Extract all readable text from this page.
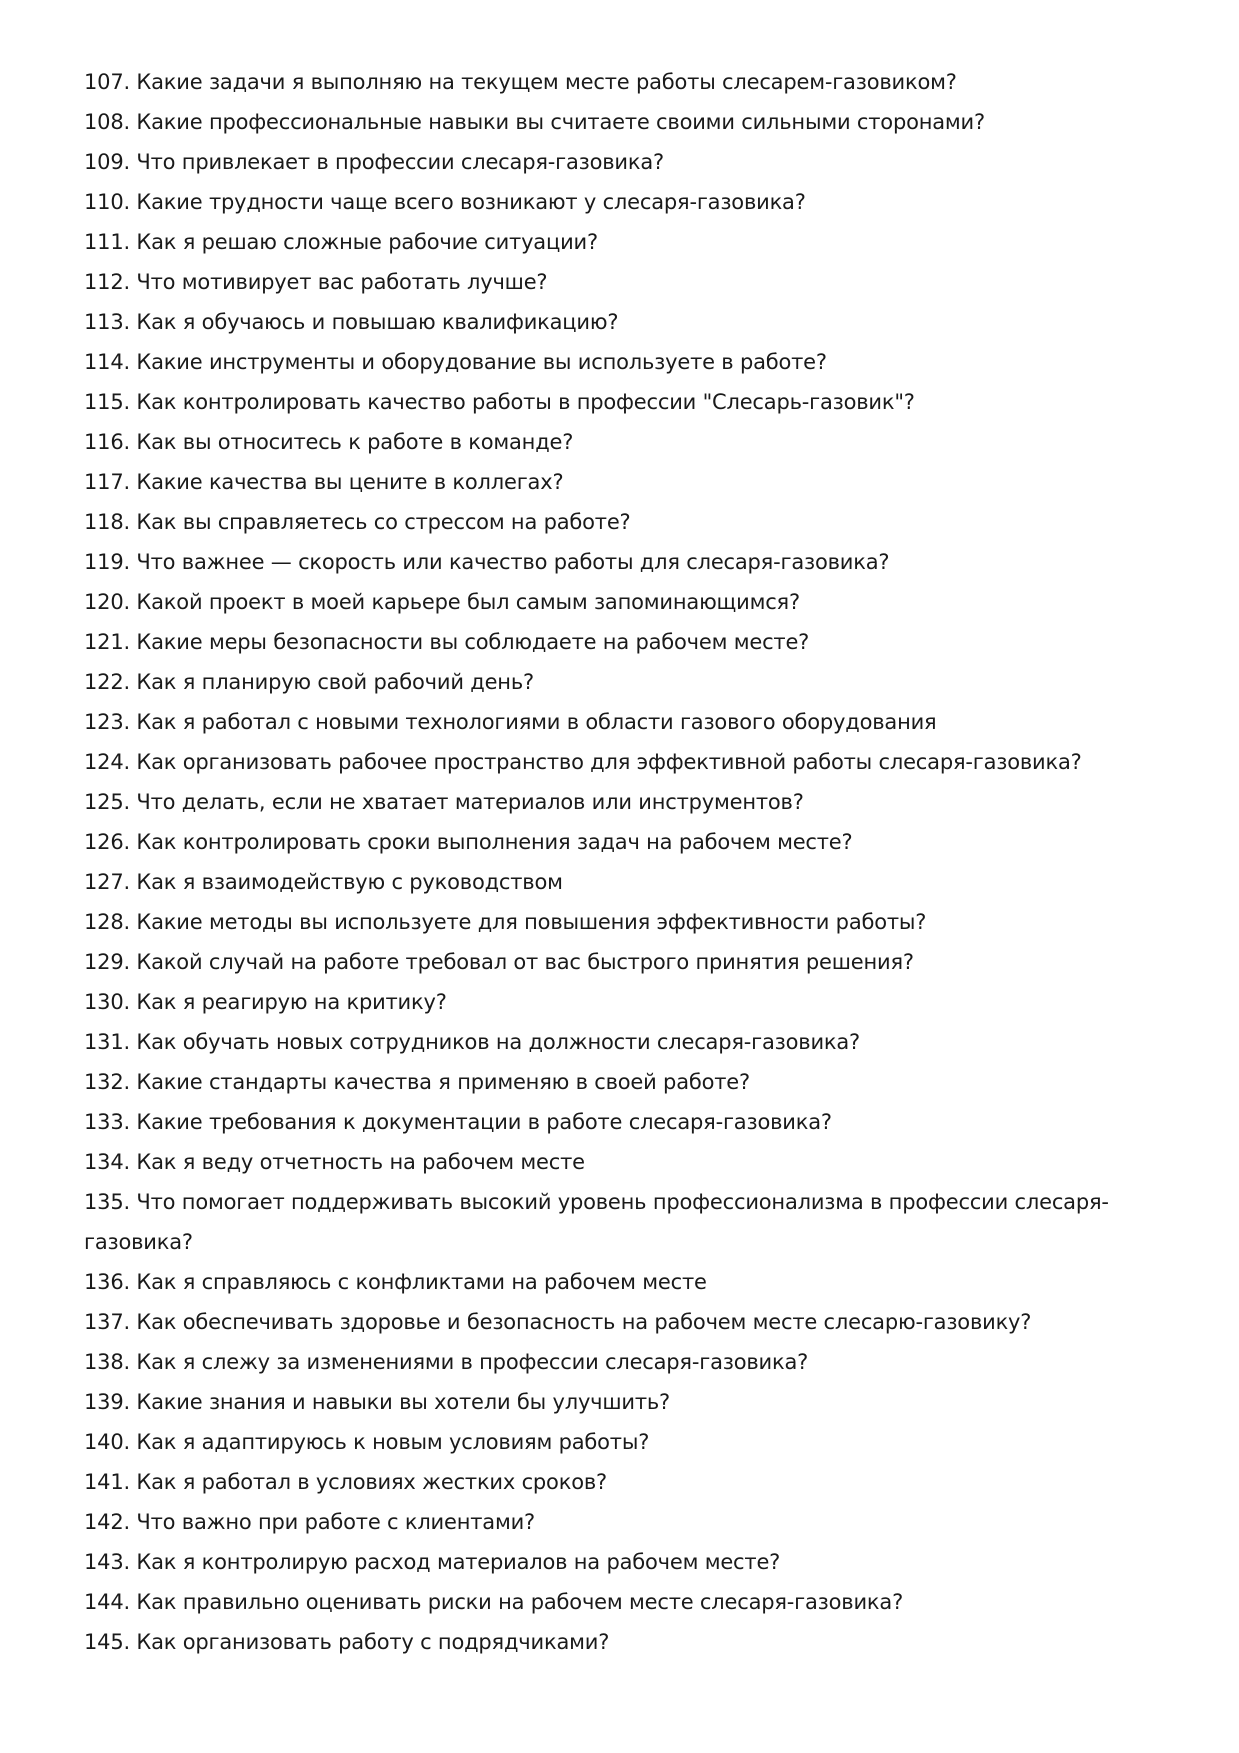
107. Какие задачи я выполняю на текущем месте работы слесарем-газовиком?
108. Какие профессиональные навыки вы считаете своими сильными сторонами?
109. Что привлекает в профессии слесаря-газовика?
110. Какие трудности чаще всего возникают у слесаря-газовика?
111. Как я решаю сложные рабочие ситуации?
112. Что мотивирует вас работать лучше?
113. Как я обучаюсь и повышаю квалификацию?
114. Какие инструменты и оборудование вы используете в работе?
115. Как контролировать качество работы в профессии "Слесарь-газовик"?
116. Как вы относитесь к работе в команде?
117. Какие качества вы цените в коллегах?
118. Как вы справляетесь со стрессом на работе?
119. Что важнее — скорость или качество работы для слесаря-газовика?
120. Какой проект в моей карьере был самым запоминающимся?
121. Какие меры безопасности вы соблюдаете на рабочем месте?
122. Как я планирую свой рабочий день?
123. Как я работал с новыми технологиями в области газового оборудования
124. Как организовать рабочее пространство для эффективной работы слесаря-газовика?
125. Что делать, если не хватает материалов или инструментов?
126. Как контролировать сроки выполнения задач на рабочем месте?
127. Как я взаимодействую с руководством
128. Какие методы вы используете для повышения эффективности работы?
129. Какой случай на работе требовал от вас быстрого принятия решения?
130. Как я реагирую на критику?
131. Как обучать новых сотрудников на должности слесаря-газовика?
132. Какие стандарты качества я применяю в своей работе?
133. Какие требования к документации в работе слесаря-газовика?
134. Как я веду отчетность на рабочем месте
135. Что помогает поддерживать высокий уровень профессионализма в профессии слесаря-газовика?
136. Как я справляюсь с конфликтами на рабочем месте
137. Как обеспечивать здоровье и безопасность на рабочем месте слесарю-газовику?
138. Как я слежу за изменениями в профессии слесаря-газовика?
139. Какие знания и навыки вы хотели бы улучшить?
140. Как я адаптируюсь к новым условиям работы?
141. Как я работал в условиях жестких сроков?
142. Что важно при работе с клиентами?
143. Как я контролирую расход материалов на рабочем месте?
144. Как правильно оценивать риски на рабочем месте слесаря-газовика?
145. Как организовать работу с подрядчиками?
